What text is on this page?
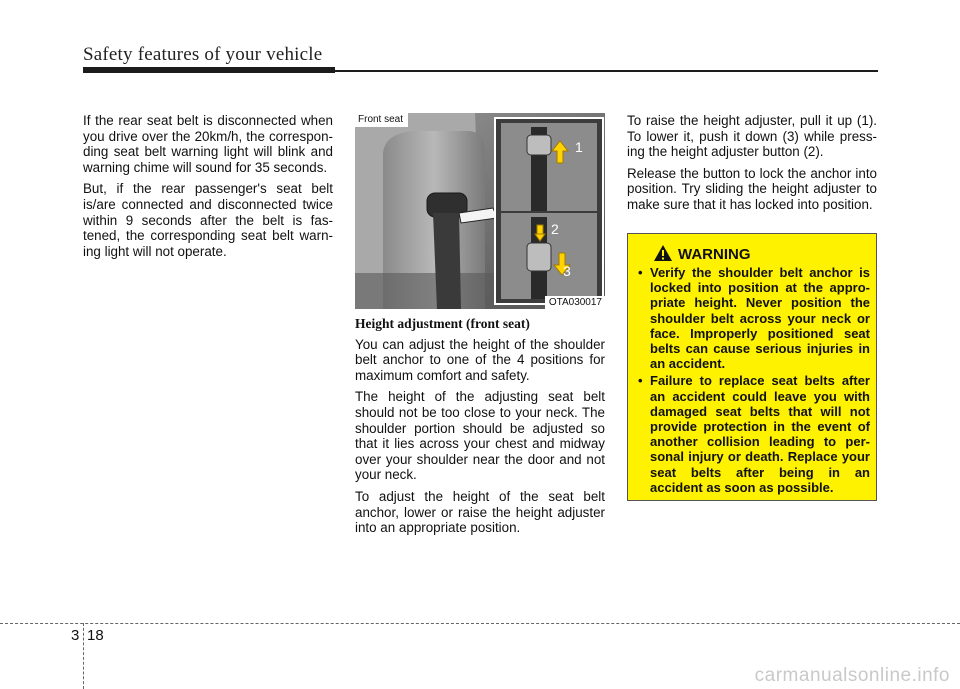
Safety features of your vehicle

If the rear seat belt is disconnected when you drive over the 20km/h, the correspon- ding seat belt warning light will blink and warning chime will sound for 35 seconds.

But, if the rear passenger's seat belt is/are connected and disconnected twice within 9 seconds after the belt is fas- tened, the corresponding seat belt warn- ing light will not operate.

1
2
3
Front seat
OTA030017
Height adjustment (front seat)

You can adjust the height of the shoulder belt anchor to one of the 4 positions for maximum comfort and safety.

The height of the adjusting seat belt should not be too close to your neck. The shoulder portion should be adjusted so that it lies across your chest and midway over your shoulder near the door and not your neck.

To adjust the height of the seat belt anchor, lower or raise the height adjuster into an appropriate position.

To raise the height adjuster, pull it up (1). To lower it, push it down (3) while press- ing the height adjuster button (2).

Release the button to lock the anchor into position. Try sliding the height adjuster to make sure that it has locked into position.

WARNING
• Verify the shoulder belt anchor is locked into position at the appro- priate height. Never position the shoulder belt across your neck or face. Improperly positioned seat belts can cause serious injuries in an accident.
• Failure to replace seat belts after an accident could leave you with damaged seat belts that will not provide protection in the event of another collision leading to per- sonal injury or death. Replace your seat belts after being in an accident as soon as possible.
3 18
carmanualsonline.info
